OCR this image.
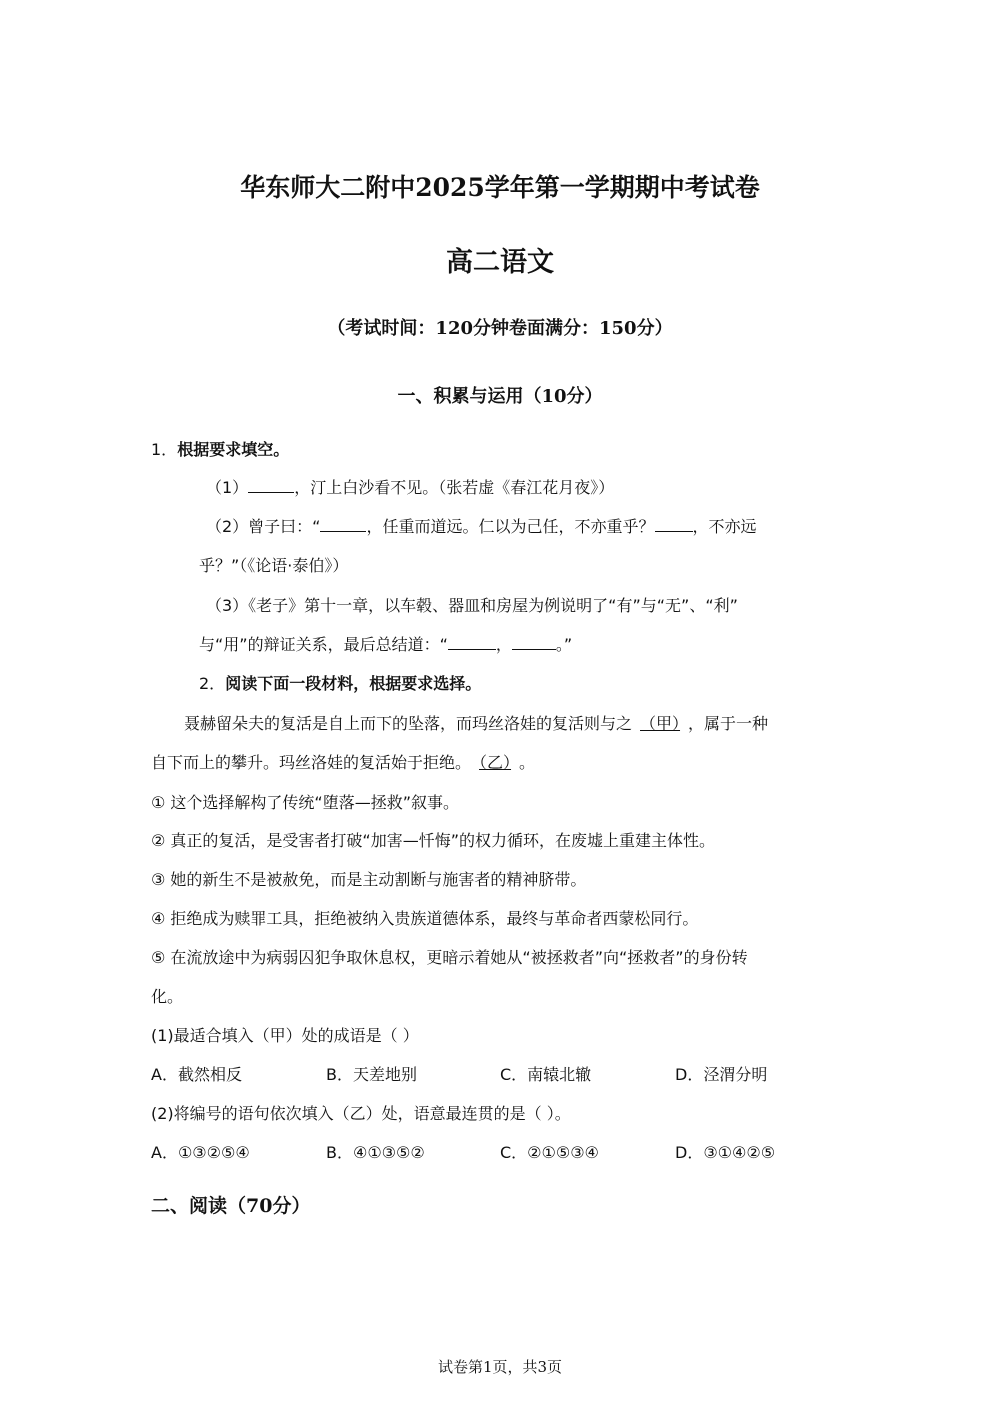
华东师大二附中2025学年第一学期期中考试卷
高二语文
（考试时间：120分钟卷面满分：150分）
一、积累与运用（10分）
1．根据要求填空。
（1）	，汀上白沙看不见。（张若虚《春江花月夜》）
（2）曾子曰：“	，任重而道远。仁以为己任，不亦重乎？ ，不亦远
乎？”（《论语·泰伯》）
（3）《老子》第十一章，以车毂、器皿和房屋为例说明了“有”与“无”、“利”
与“用”的辩证关系，最后总结道：“	，	。”
2．阅读下面一段材料，根据要求选择。
聂赫留朵夫的复活是自上而下的坠落，而玛丝洛娃的复活则与之 （甲） ，属于一种
自下而上的攀升。玛丝洛娃的复活始于拒绝。 （乙） 。
① 这个选择解构了传统“堕落—拯救”叙事。
② 真正的复活，是受害者打破“加害—忏悔”的权力循环，在废墟上重建主体性。
③ 她的新生不是被赦免，而是主动割断与施害者的精神脐带。
④ 拒绝成为赎罪工具，拒绝被纳入贵族道德体系，最终与革命者西蒙松同行。
⑤ 在流放途中为病弱囚犯争取休息权，更暗示着她从“被拯救者”向“拯救者”的身份转
化。
(1)最适合填入（甲）处的成语是（ ）
A．截然相反	B．天差地别	C．南辕北辙	D．泾渭分明
(2)将编号的语句依次填入（乙）处，语意最连贯的是（ ）。
A．①③②⑤④	B．④①③⑤②	C．②①⑤③④	D．③①④②⑤
二、阅读（70分）
试卷第1页，共3页
